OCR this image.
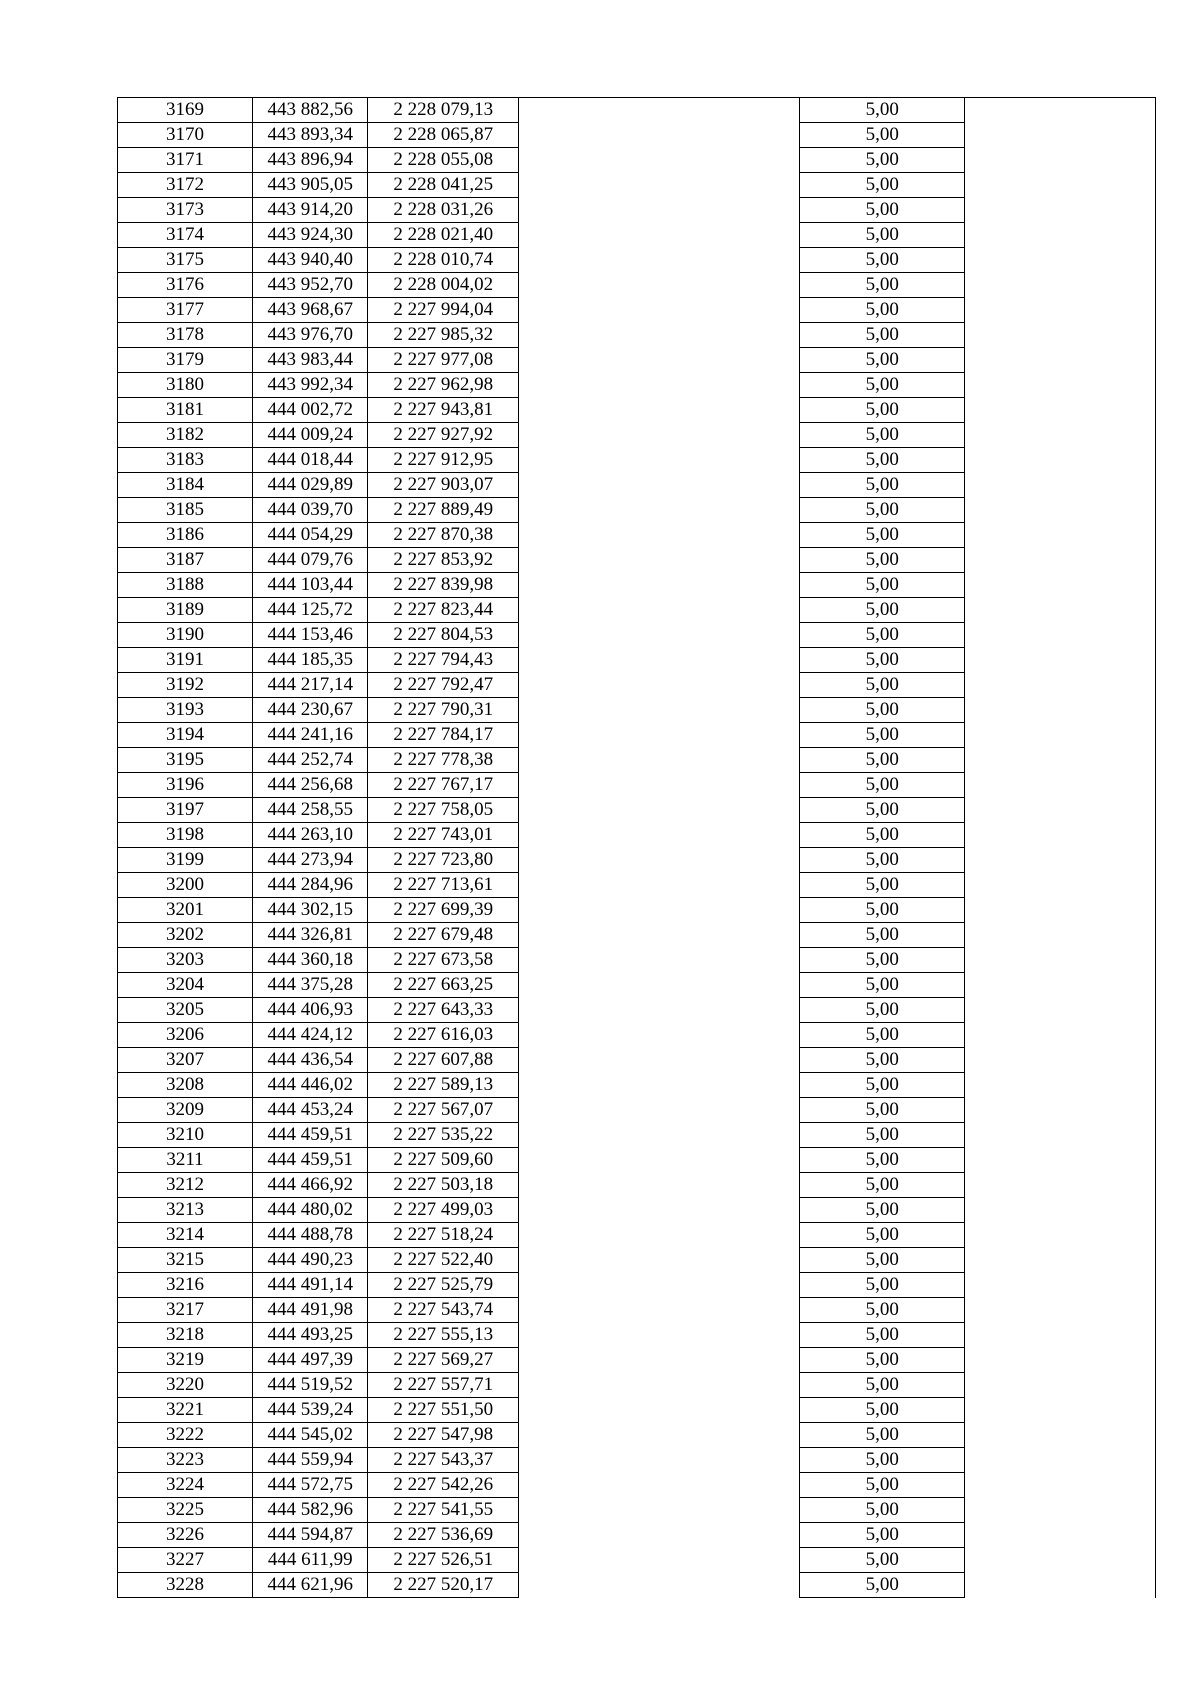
3169	443 882,56	2 228 079,13		5,00	
3170	443 893,34	2 228 065,87		5,00	
3171	443 896,94	2 228 055,08		5,00	
3172	443 905,05	2 228 041,25		5,00	
3173	443 914,20	2 228 031,26		5,00	
3174	443 924,30	2 228 021,40		5,00	
3175	443 940,40	2 228 010,74		5,00	
3176	443 952,70	2 228 004,02		5,00	
3177	443 968,67	2 227 994,04		5,00	
3178	443 976,70	2 227 985,32		5,00	
3179	443 983,44	2 227 977,08		5,00	
3180	443 992,34	2 227 962,98		5,00	
3181	444 002,72	2 227 943,81		5,00	
3182	444 009,24	2 227 927,92		5,00	
3183	444 018,44	2 227 912,95		5,00	
3184	444 029,89	2 227 903,07		5,00	
3185	444 039,70	2 227 889,49		5,00	
3186	444 054,29	2 227 870,38		5,00	
3187	444 079,76	2 227 853,92		5,00	
3188	444 103,44	2 227 839,98		5,00	
3189	444 125,72	2 227 823,44		5,00	
3190	444 153,46	2 227 804,53		5,00	
3191	444 185,35	2 227 794,43		5,00	
3192	444 217,14	2 227 792,47		5,00	
3193	444 230,67	2 227 790,31		5,00	
3194	444 241,16	2 227 784,17		5,00	
3195	444 252,74	2 227 778,38		5,00	
3196	444 256,68	2 227 767,17		5,00	
3197	444 258,55	2 227 758,05		5,00	
3198	444 263,10	2 227 743,01		5,00	
3199	444 273,94	2 227 723,80		5,00	
3200	444 284,96	2 227 713,61		5,00	
3201	444 302,15	2 227 699,39		5,00	
3202	444 326,81	2 227 679,48		5,00	
3203	444 360,18	2 227 673,58		5,00	
3204	444 375,28	2 227 663,25		5,00	
3205	444 406,93	2 227 643,33		5,00	
3206	444 424,12	2 227 616,03		5,00	
3207	444 436,54	2 227 607,88		5,00	
3208	444 446,02	2 227 589,13		5,00	
3209	444 453,24	2 227 567,07		5,00	
3210	444 459,51	2 227 535,22		5,00	
3211	444 459,51	2 227 509,60		5,00	
3212	444 466,92	2 227 503,18		5,00	
3213	444 480,02	2 227 499,03		5,00	
3214	444 488,78	2 227 518,24		5,00	
3215	444 490,23	2 227 522,40		5,00	
3216	444 491,14	2 227 525,79		5,00	
3217	444 491,98	2 227 543,74		5,00	
3218	444 493,25	2 227 555,13		5,00	
3219	444 497,39	2 227 569,27		5,00	
3220	444 519,52	2 227 557,71		5,00	
3221	444 539,24	2 227 551,50		5,00	
3222	444 545,02	2 227 547,98		5,00	
3223	444 559,94	2 227 543,37		5,00	
3224	444 572,75	2 227 542,26		5,00	
3225	444 582,96	2 227 541,55		5,00	
3226	444 594,87	2 227 536,69		5,00	
3227	444 611,99	2 227 526,51		5,00	
3228	444 621,96	2 227 520,17		5,00	
